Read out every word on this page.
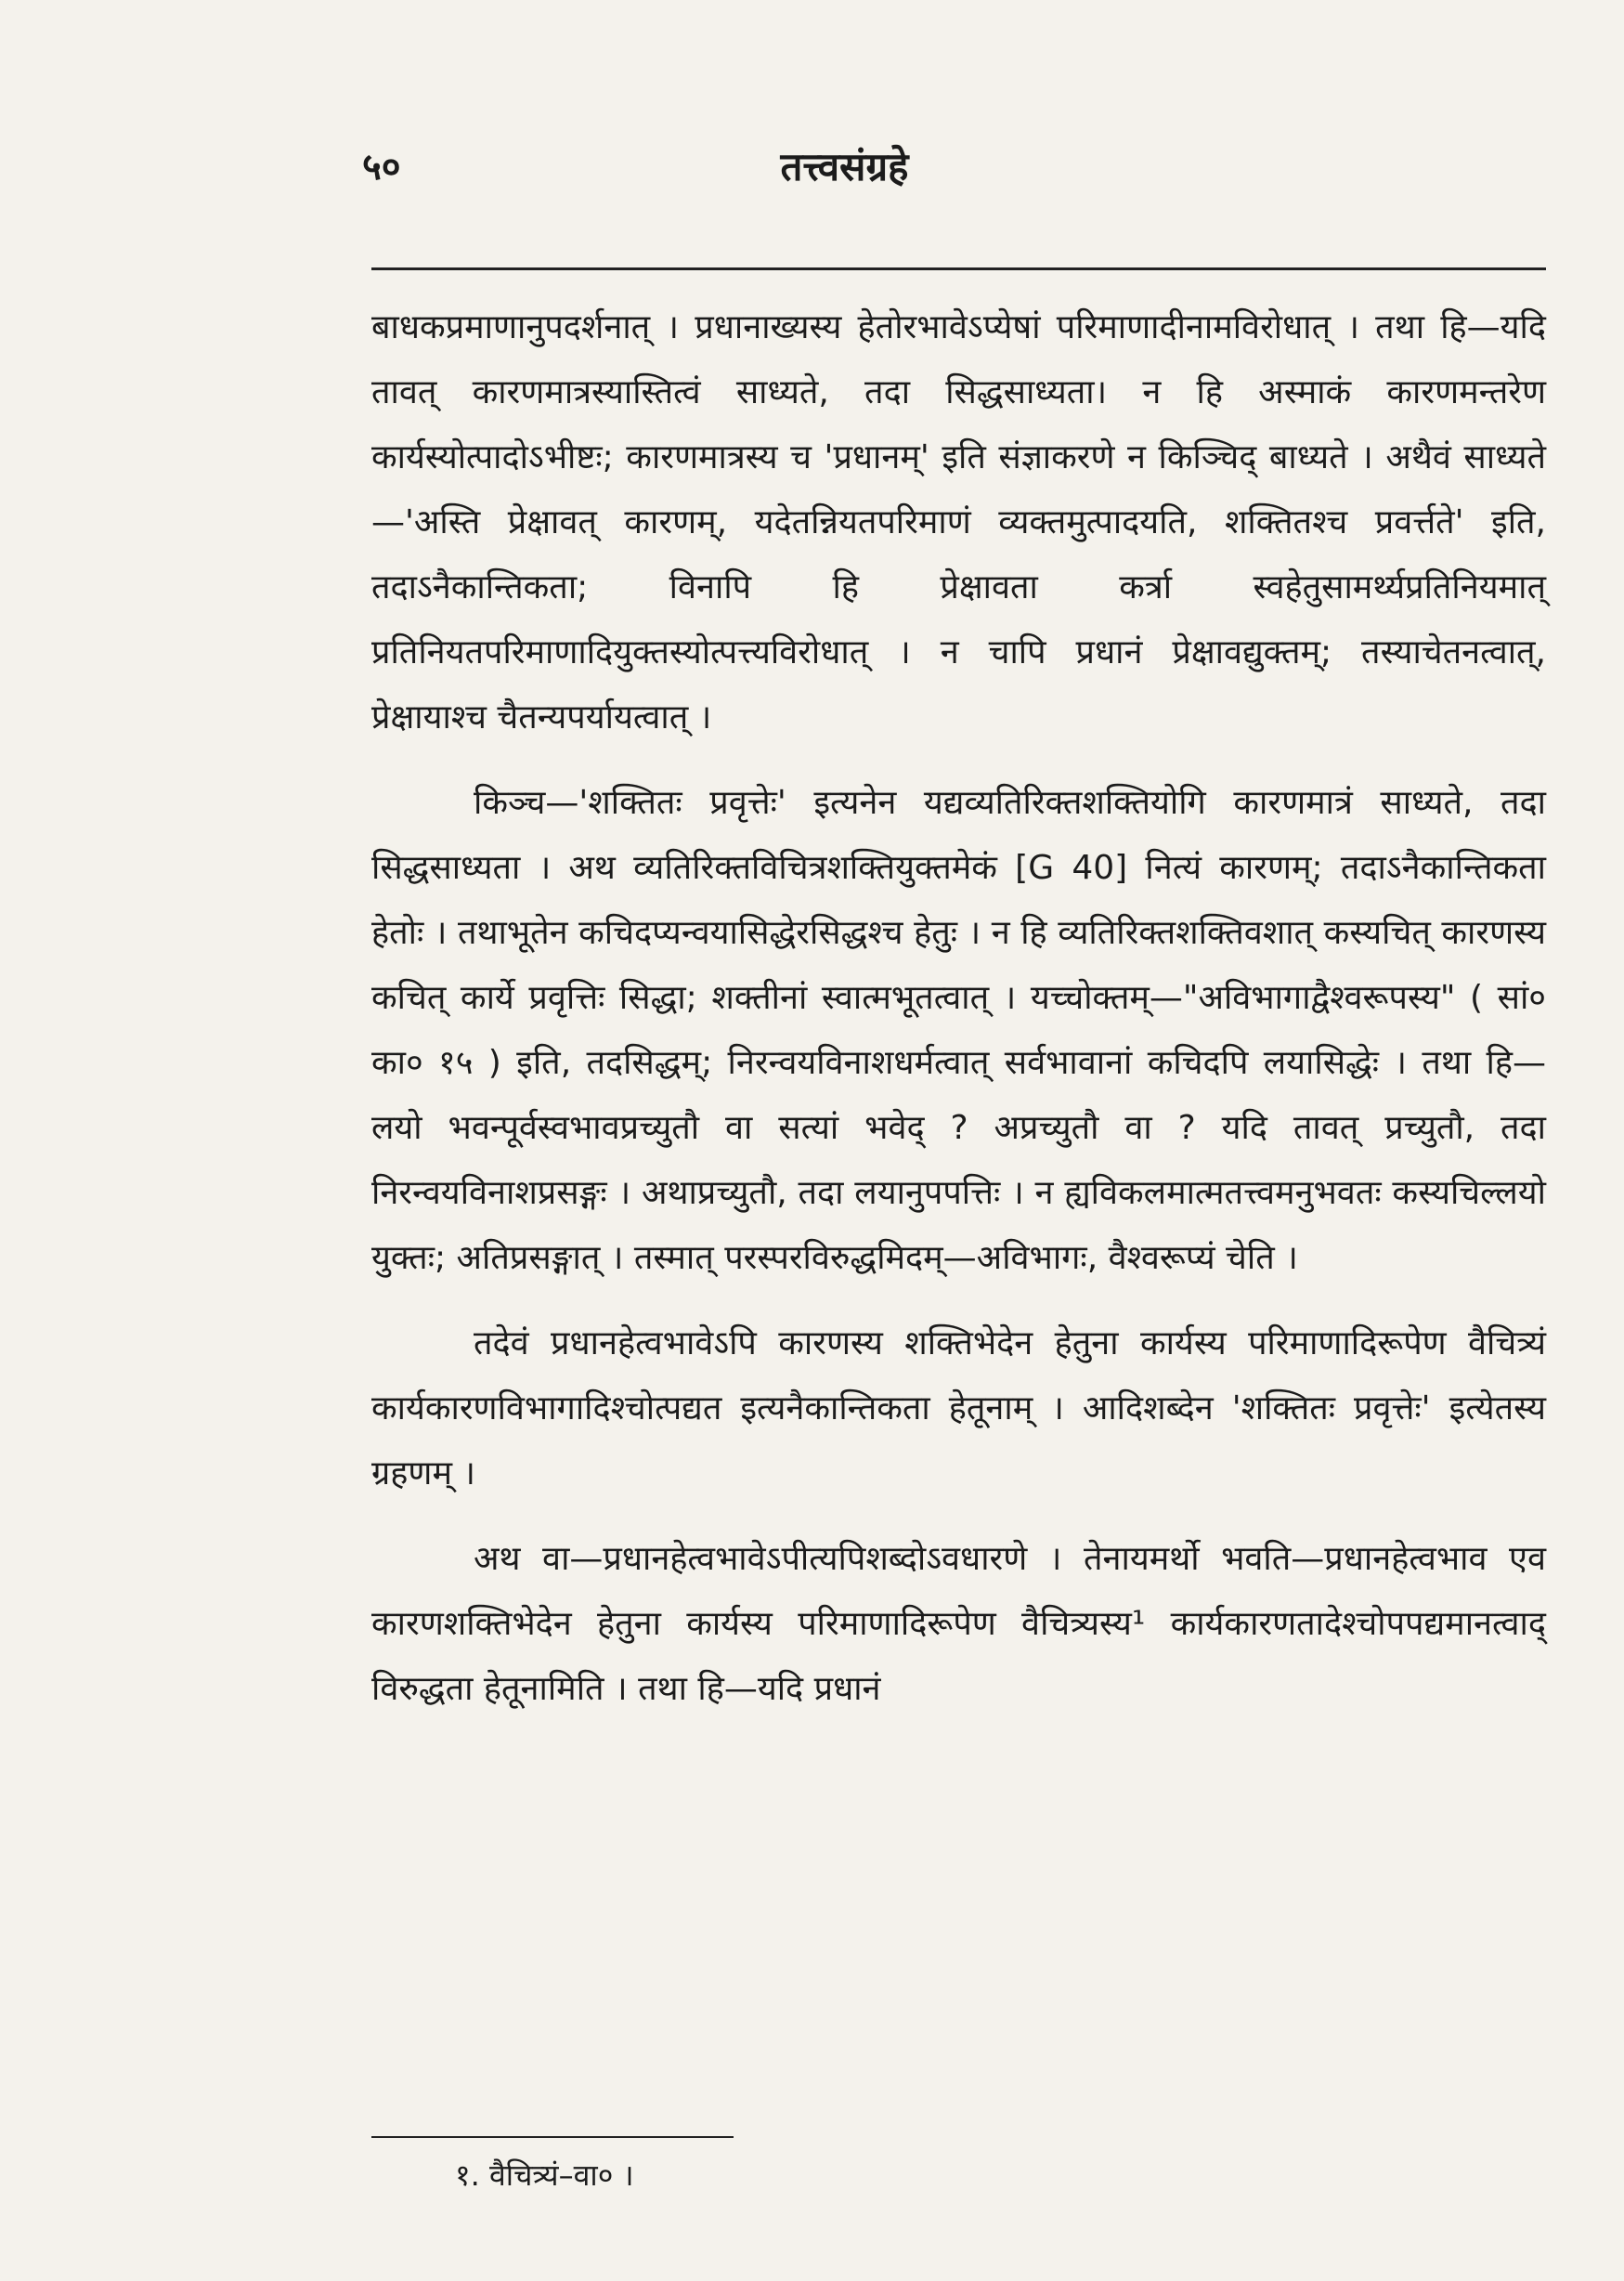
५०	तत्त्वसंग्रहे

बाधकप्रमाणानुपदर्शनात् । प्रधानाख्यस्य हेतोरभावेऽप्येषां परिमाणादीनामविरोधात् । तथा हि—यदि तावत् कारणमात्रस्यास्तित्वं साध्यते, तदा सिद्धसाध्यता। न हि अस्माकं कारणमन्तरेण कार्यस्योत्पादोऽभीष्टः; कारणमात्रस्य च 'प्रधानम्' इति संज्ञाकरणे न किञ्चिद् बाध्यते । अथैवं साध्यते—'अस्ति प्रेक्षावत् कारणम्, यदेतन्नियतपरिमाणं व्यक्तमुत्पादयति, शक्तितश्च प्रवर्त्तते' इति, तदाऽनैकान्तिकता; विनापि हि प्रेक्षावता कर्त्रा स्वहेतुसामर्थ्यप्रतिनियमात् प्रतिनियतपरिमाणादियुक्तस्योत्पत्त्यविरोधात् । न चापि प्रधानं प्रेक्षावद्युक्तम्; तस्याचेतनत्वात्, प्रेक्षायाश्च चैतन्यपर्यायत्वात् ।

किञ्च—'शक्तितः प्रवृत्तेः' इत्यनेन यद्यव्यतिरिक्तशक्तियोगि कारणमात्रं साध्यते, तदा सिद्धसाध्यता । अथ व्यतिरिक्तविचित्रशक्तियुक्तमेकं [G 40] नित्यं कारणम्; तदाऽनैकान्तिकता हेतोः । तथाभूतेन कचिदप्यन्वयासिद्धेरसिद्धश्च हेतुः । न हि व्यतिरिक्तशक्तिवशात् कस्यचित् कारणस्य कचित् कार्ये प्रवृत्तिः सिद्धा; शक्तीनां स्वात्मभूतत्वात् । यच्चोक्तम्—"अविभागाद्वैश्वरूपस्य" ( सां० का० १५ ) इति, तदसिद्धम्; निरन्वयविनाशधर्मत्वात् सर्वभावानां कचिदपि लयासिद्धेः । तथा हि—लयो भवन्पूर्वस्वभावप्रच्युतौ वा सत्यां भवेद् ? अप्रच्युतौ वा ? यदि तावत् प्रच्युतौ, तदा निरन्वयविनाशप्रसङ्गः । अथाप्रच्युतौ, तदा लयानुपपत्तिः । न ह्यविकलमात्मतत्त्वमनुभवतः कस्यचिल्लयो युक्तः; अतिप्रसङ्गात् । तस्मात् परस्परविरुद्धमिदम्—अविभागः, वैश्वरूप्यं चेति ।

तदेवं प्रधानहेत्वभावेऽपि कारणस्य शक्तिभेदेन हेतुना कार्यस्य परिमाणादिरूपेण वैचित्र्यं कार्यकारणविभागादिश्चोत्पद्यत इत्यनैकान्तिकता हेतूनाम् । आदिशब्देन 'शक्तितः प्रवृत्तेः' इत्येतस्य ग्रहणम् ।

अथ वा—प्रधानहेत्वभावेऽपीत्यपिशब्दोऽवधारणे । तेनायमर्थो भवति—प्रधानहेत्वभाव एव कारणशक्तिभेदेन हेतुना कार्यस्य परिमाणादिरूपेण वैचित्र्यस्य¹ कार्यकारणतादेश्चोपपद्यमानत्वाद् विरुद्धता हेतूनामिति । तथा हि—यदि प्रधानं

१. वैचित्र्यं–वा० ।
